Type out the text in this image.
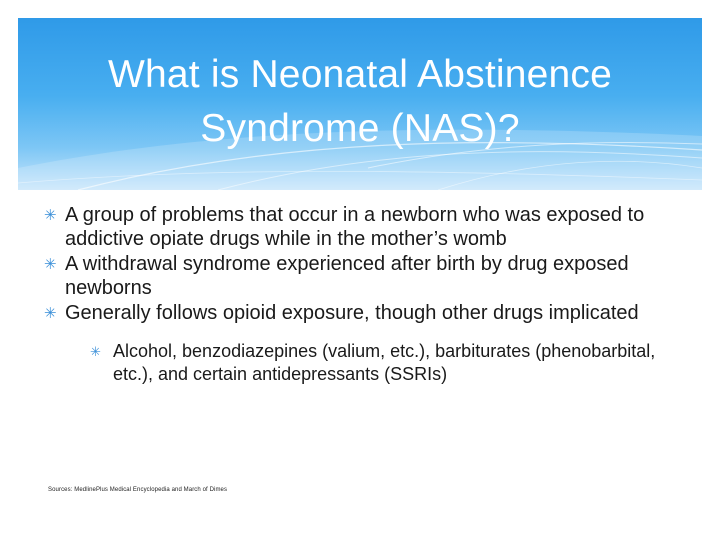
What is Neonatal Abstinence
Syndrome (NAS)?
✳ A group of problems that occur in a newborn who was exposed to addictive opiate drugs while in the mother’s womb
✳ A withdrawal syndrome experienced after birth by drug exposed newborns
✳ Generally follows opioid exposure, though other drugs implicated
✳ Alcohol, benzodiazepines (valium, etc.), barbiturates (phenobarbital, etc.), and certain antidepressants (SSRIs)
Sources: MedlinePlus Medical Encyclopedia and March of Dimes
